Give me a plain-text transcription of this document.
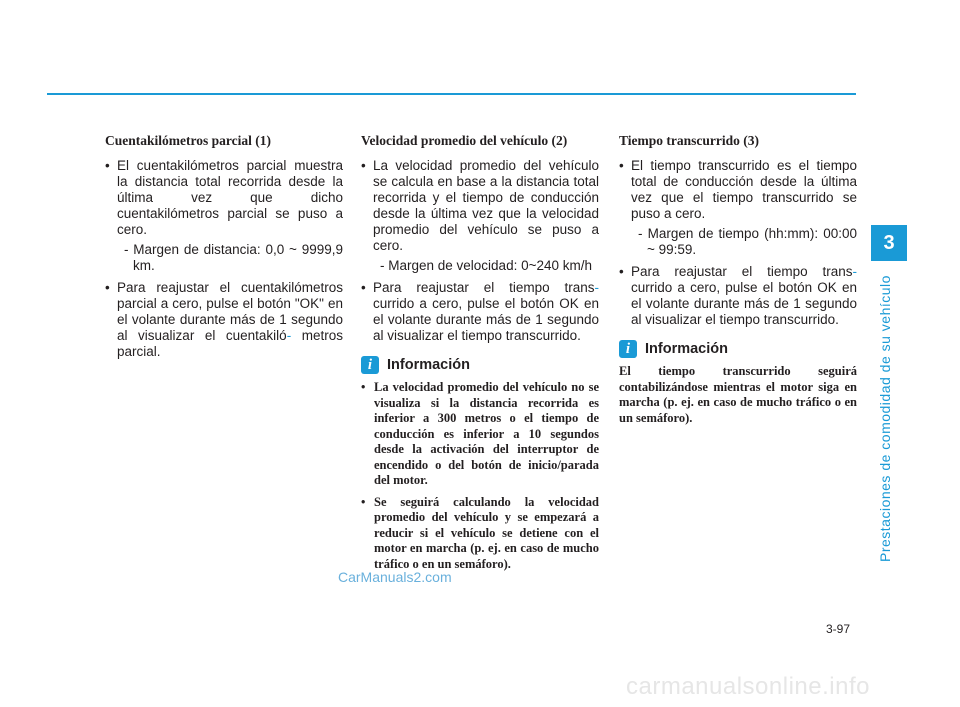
Cuentakilómetros parcial (1)
• El cuentakilómetros parcial muestra la distancia total recorrida desde la última vez que dicho cuentakilómetros parcial se puso a cero.
- Margen de distancia: 0,0 ~ 9999,9 km.
• Para reajustar el cuentakilómetros parcial a cero, pulse el botón "OK" en el volante durante más de 1 segundo al visualizar el cuentakiló- metros parcial.
Velocidad promedio del vehículo (2)
• La velocidad promedio del vehículo se calcula en base a la distancia total recorrida y el tiempo de conducción desde la última vez que la velocidad promedio del vehículo se puso a cero.
- Margen de velocidad: 0~240 km/h
• Para reajustar el tiempo trans- currido a cero, pulse el botón OK en el volante durante más de 1 segundo al visualizar el tiempo transcurrido.
i	Información
• La velocidad promedio del vehículo no se visualiza si la distancia recorrida es inferior a 300 metros o el tiempo de conducción es inferior a 10 segundos desde la activación del interruptor de encendido o del botón de inicio/parada del motor.
• Se seguirá calculando la velocidad promedio del vehículo y se empezará a reducir si el vehículo se detiene con el motor en marcha (p. ej. en caso de mucho tráfico o en un semáforo).
Tiempo transcurrido (3)
• El tiempo transcurrido es el tiempo total de conducción desde la última vez que el tiempo transcurrido se puso a cero.
- Margen de tiempo (hh:mm): 00:00 ~ 99:59.
• Para reajustar el tiempo trans- currido a cero, pulse el botón OK en el volante durante más de 1 segundo al visualizar el tiempo transcurrido.
i	Información
El tiempo transcurrido seguirá contabilizándose mientras el motor siga en marcha (p. ej. en caso de mucho tráfico o en un semáforo).
3
Prestaciones de comodidad de su vehículo
3-97
CarManuals2.com
carmanualsonline.info
